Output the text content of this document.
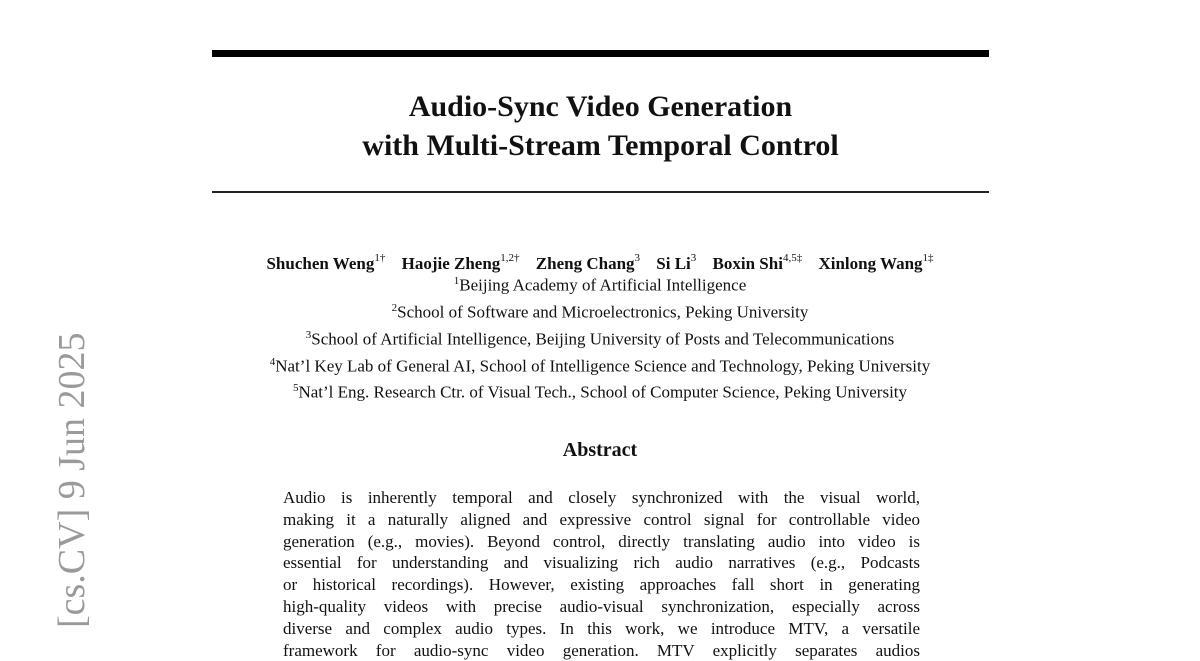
Audio-Sync Video Generation
with Multi-Stream Temporal Control
Shuchen Weng$^{1\dagger}$ Haojie Zheng$^{1,2\dagger}$ Zheng Chang$^3$ Si Li$^3$ Boxin Shi$^{4,5\ddagger}$ Xinlong Wang$^{1\ddagger}$
$^1$Beijing Academy of Artificial Intelligence
$^2$School of Software and Microelectronics, Peking University
$^3$School of Artificial Intelligence, Beijing University of Posts and Telecommunications
$^4$Nat’l Key Lab of General AI, School of Intelligence Science and Technology, Peking University
$^5$Nat’l Eng. Research Ctr. of Visual Tech., School of Computer Science, Peking University
Abstract
Audio is inherently temporal and closely synchronized with the visual world,
making it a naturally aligned and expressive control signal for controllable video
generation (e.g., movies). Beyond control, directly translating audio into video is
essential for understanding and visualizing rich audio narratives (e.g., Podcasts
or historical recordings). However, existing approaches fall short in generating
high-quality videos with precise audio-visual synchronization, especially across
diverse and complex audio types. In this work, we introduce MTV, a versatile
framework for audio-sync video generation. MTV explicitly separates audios
[cs.CV] 9 Jun 2025
